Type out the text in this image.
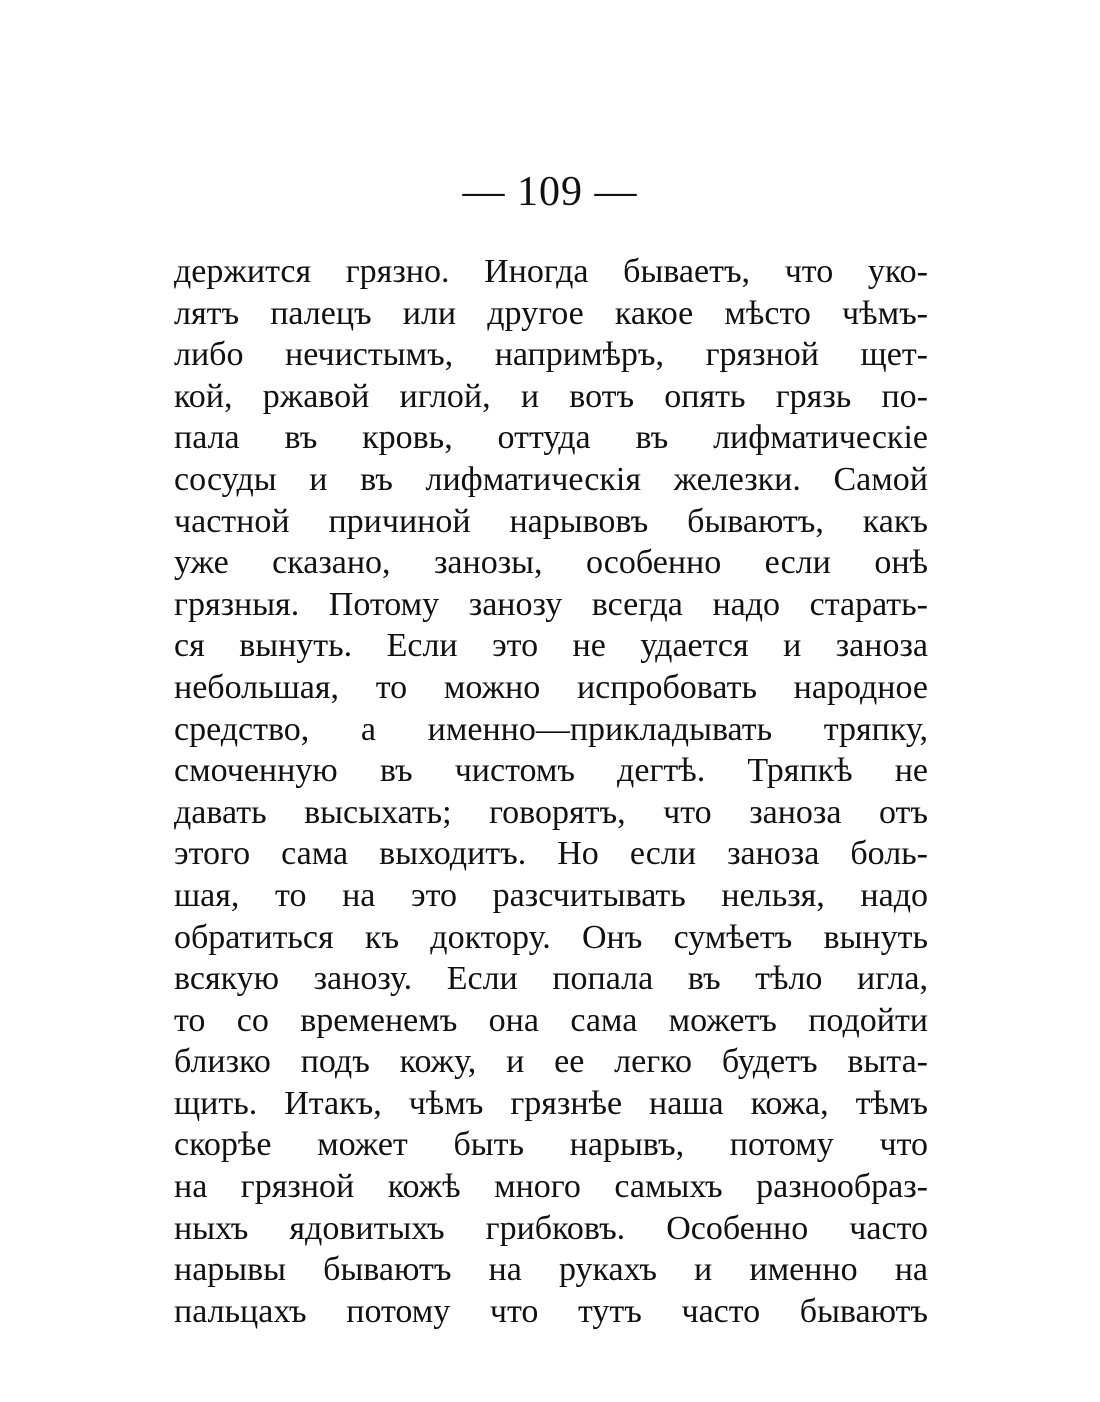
— 109 —
держится грязно. Иногда бываетъ, что уко-
лятъ палецъ или другое какое мѣсто чѣмъ-
либо нечистымъ, напримѣръ, грязной щет-
кой, ржавой иглой, и вотъ опять грязь по-
пала въ кровь, оттуда въ лифматическіе
сосуды и въ лифматическія железки. Самой
частной причиной нарывовъ бываютъ, какъ
уже сказано, занозы, особенно если онѣ
грязныя. Потому занозу всегда надо старать-
ся вынуть. Если это не удается и заноза
небольшая, то можно испробовать народное
средство, а именно—прикладывать тряпку,
смоченную въ чистомъ дегтѣ. Тряпкѣ не
давать высыхать; говорятъ, что заноза отъ
этого сама выходитъ. Но если заноза боль-
шая, то на это разсчитывать нельзя, надо
обратиться къ доктору. Онъ сумѣетъ вынуть
всякую занозу. Если попала въ тѣло игла,
то со временемъ она сама можетъ подойти
близко подъ кожу, и ее легко будетъ выта-
щить. Итакъ, чѣмъ грязнѣе наша кожа, тѣмъ
скорѣе может быть нарывъ, потому что
на грязной кожѣ много самыхъ разнообраз-
ныхъ ядовитыхъ грибковъ. Особенно часто
нарывы бываютъ на рукахъ и именно на
пальцахъ потому что тутъ часто бываютъ
